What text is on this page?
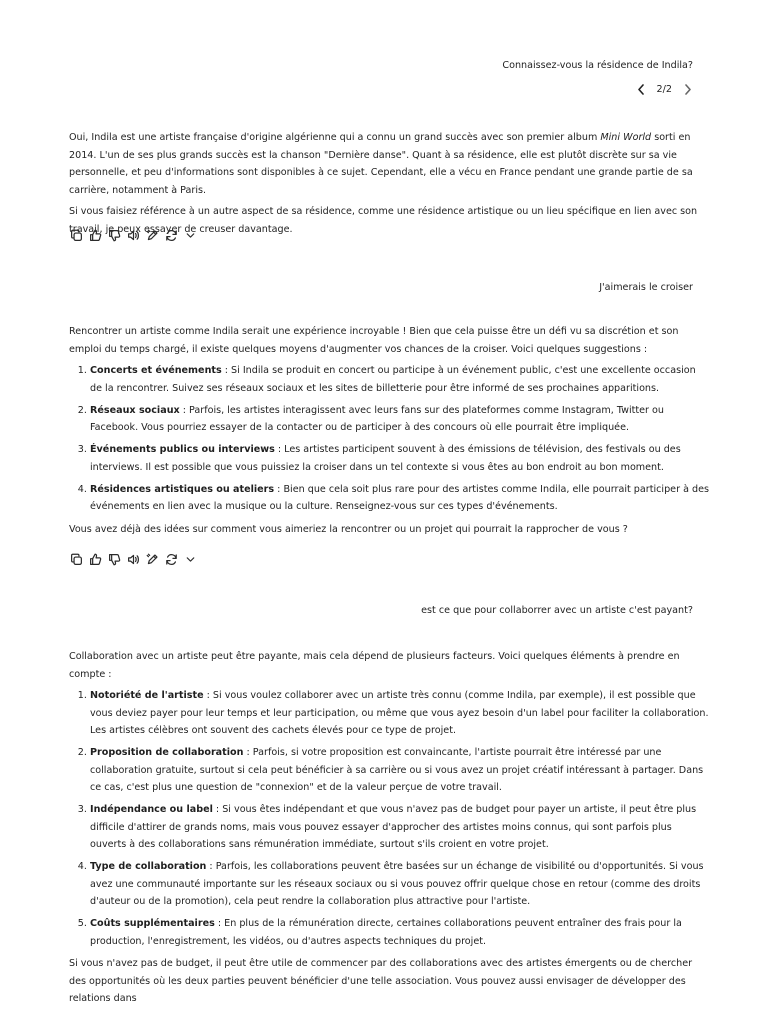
Connaissez-vous la résidence de Indila?
2/2

Oui, Indila est une artiste française d'origine algérienne qui a connu un grand succès avec son premier album Mini World sorti en 2014. L'un de ses plus grands succès est la chanson "Dernière danse". Quant à sa résidence, elle est plutôt discrète sur sa vie personnelle, et peu d'informations sont disponibles à ce sujet. Cependant, elle a vécu en France pendant une grande partie de sa carrière, notamment à Paris.

Si vous faisiez référence à un autre aspect de sa résidence, comme une résidence artistique ou un lieu spécifique en lien avec son travail, je peux essayer de creuser davantage.

J'aimerais le croiser

Rencontrer un artiste comme Indila serait une expérience incroyable ! Bien que cela puisse être un défi vu sa discrétion et son emploi du temps chargé, il existe quelques moyens d'augmenter vos chances de la croiser. Voici quelques suggestions :

1. Concerts et événements : Si Indila se produit en concert ou participe à un événement public, c'est une excellente occasion de la rencontrer. Suivez ses réseaux sociaux et les sites de billetterie pour être informé de ses prochaines apparitions.
2. Réseaux sociaux : Parfois, les artistes interagissent avec leurs fans sur des plateformes comme Instagram, Twitter ou Facebook. Vous pourriez essayer de la contacter ou de participer à des concours où elle pourrait être impliquée.
3. Événements publics ou interviews : Les artistes participent souvent à des émissions de télévision, des festivals ou des interviews. Il est possible que vous puissiez la croiser dans un tel contexte si vous êtes au bon endroit au bon moment.
4. Résidences artistiques ou ateliers : Bien que cela soit plus rare pour des artistes comme Indila, elle pourrait participer à des événements en lien avec la musique ou la culture. Renseignez-vous sur ces types d'événements.

Vous avez déjà des idées sur comment vous aimeriez la rencontrer ou un projet qui pourrait la rapprocher de vous ?

est ce que pour collaborrer avec un artiste c'est payant?

Collaboration avec un artiste peut être payante, mais cela dépend de plusieurs facteurs. Voici quelques éléments à prendre en compte :

1. Notoriété de l'artiste : Si vous voulez collaborer avec un artiste très connu (comme Indila, par exemple), il est possible que vous deviez payer pour leur temps et leur participation, ou même que vous ayez besoin d'un label pour faciliter la collaboration. Les artistes célèbres ont souvent des cachets élevés pour ce type de projet.
2. Proposition de collaboration : Parfois, si votre proposition est convaincante, l'artiste pourrait être intéressé par une collaboration gratuite, surtout si cela peut bénéficier à sa carrière ou si vous avez un projet créatif intéressant à partager. Dans ce cas, c'est plus une question de "connexion" et de la valeur perçue de votre travail.
3. Indépendance ou label : Si vous êtes indépendant et que vous n'avez pas de budget pour payer un artiste, il peut être plus difficile d'attirer de grands noms, mais vous pouvez essayer d'approcher des artistes moins connus, qui sont parfois plus ouverts à des collaborations sans rémunération immédiate, surtout s'ils croient en votre projet.
4. Type de collaboration : Parfois, les collaborations peuvent être basées sur un échange de visibilité ou d'opportunités. Si vous avez une communauté importante sur les réseaux sociaux ou si vous pouvez offrir quelque chose en retour (comme des droits d'auteur ou de la promotion), cela peut rendre la collaboration plus attractive pour l'artiste.
5. Coûts supplémentaires : En plus de la rémunération directe, certaines collaborations peuvent entraîner des frais pour la production, l'enregistrement, les vidéos, ou d'autres aspects techniques du projet.

Si vous n'avez pas de budget, il peut être utile de commencer par des collaborations avec des artistes émergents ou de chercher des opportunités où les deux parties peuvent bénéficier d'une telle association. Vous pouvez aussi envisager de développer des relations dans
